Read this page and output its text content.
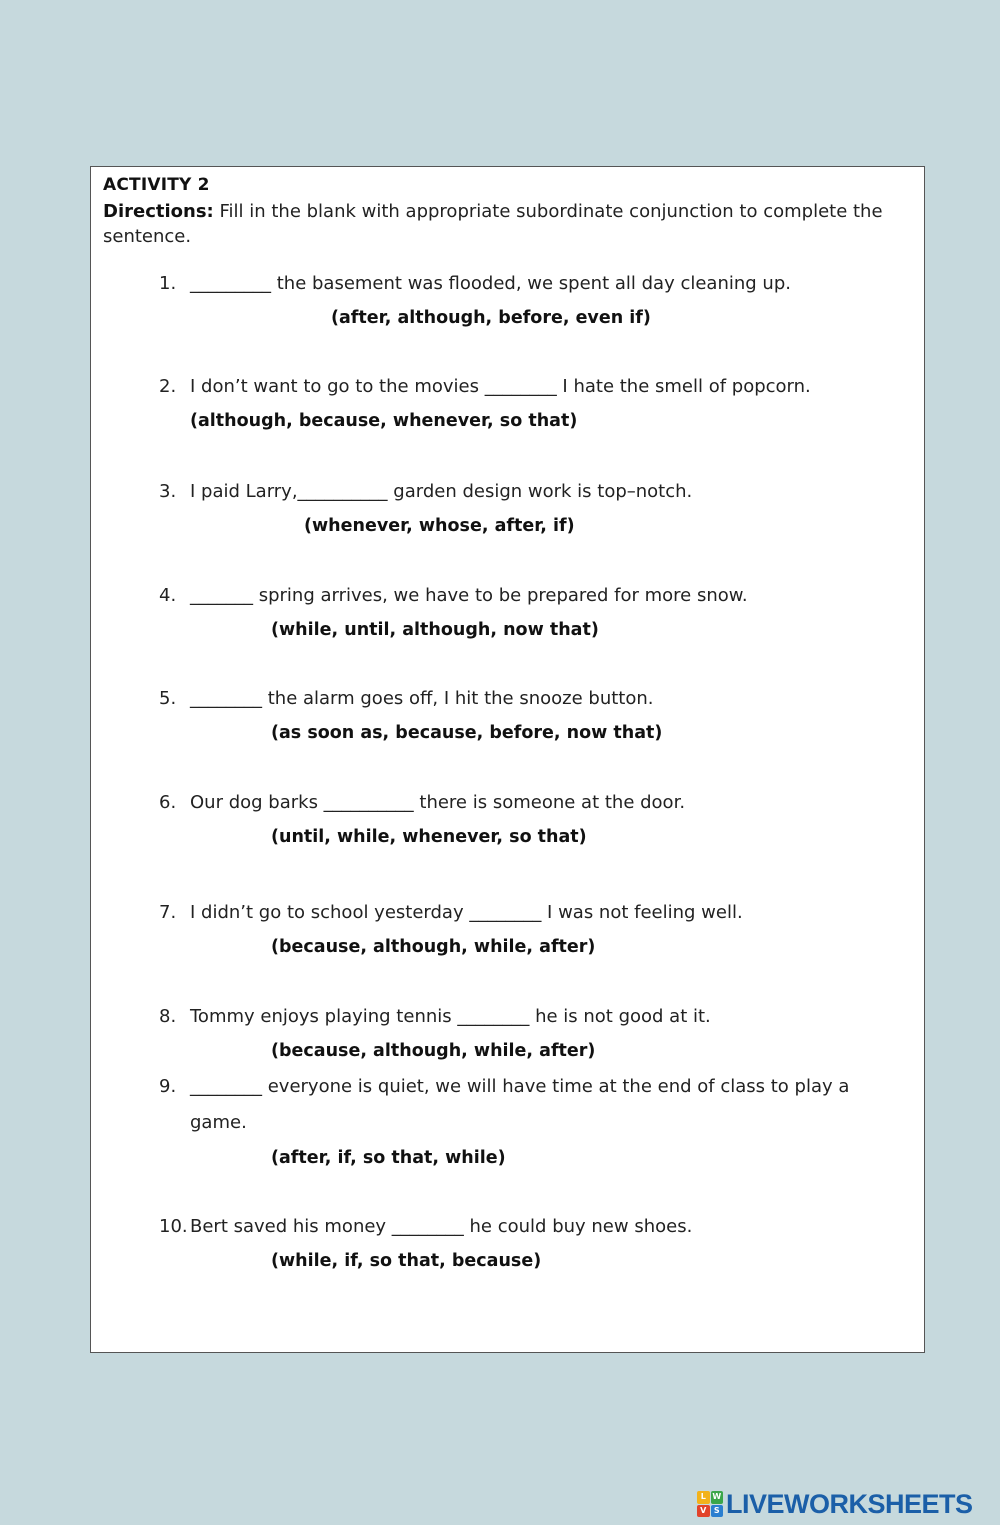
ACTIVITY 2
Directions: Fill in the blank with appropriate subordinate conjunction to complete the sentence.
1. _________ the basement was flooded, we spent all day cleaning up.
(after, although, before, even if)
2. I don’t want to go to the movies ________ I hate the smell of popcorn.
(although, because, whenever, so that)
3. I paid Larry,__________ garden design work is top–notch.
(whenever, whose, after, if)
4. _______ spring arrives, we have to be prepared for more snow.
(while, until, although, now that)
5. ________ the alarm goes off, I hit the snooze button.
(as soon as, because, before, now that)
6. Our dog barks __________ there is someone at the door.
(until, while, whenever, so that)
7. I didn’t go to school yesterday ________ I was not feeling well.
(because, although, while, after)
8. Tommy enjoys playing tennis ________ he is not good at it.
(because, although, while, after)
9. ________ everyone is quiet, we will have time at the end of class to play a game.
(after, if, so that, while)
10. Bert saved his money ________ he could buy new shoes.
(while, if, so that, because)
L W
V S LIVEWORKSHEETS
